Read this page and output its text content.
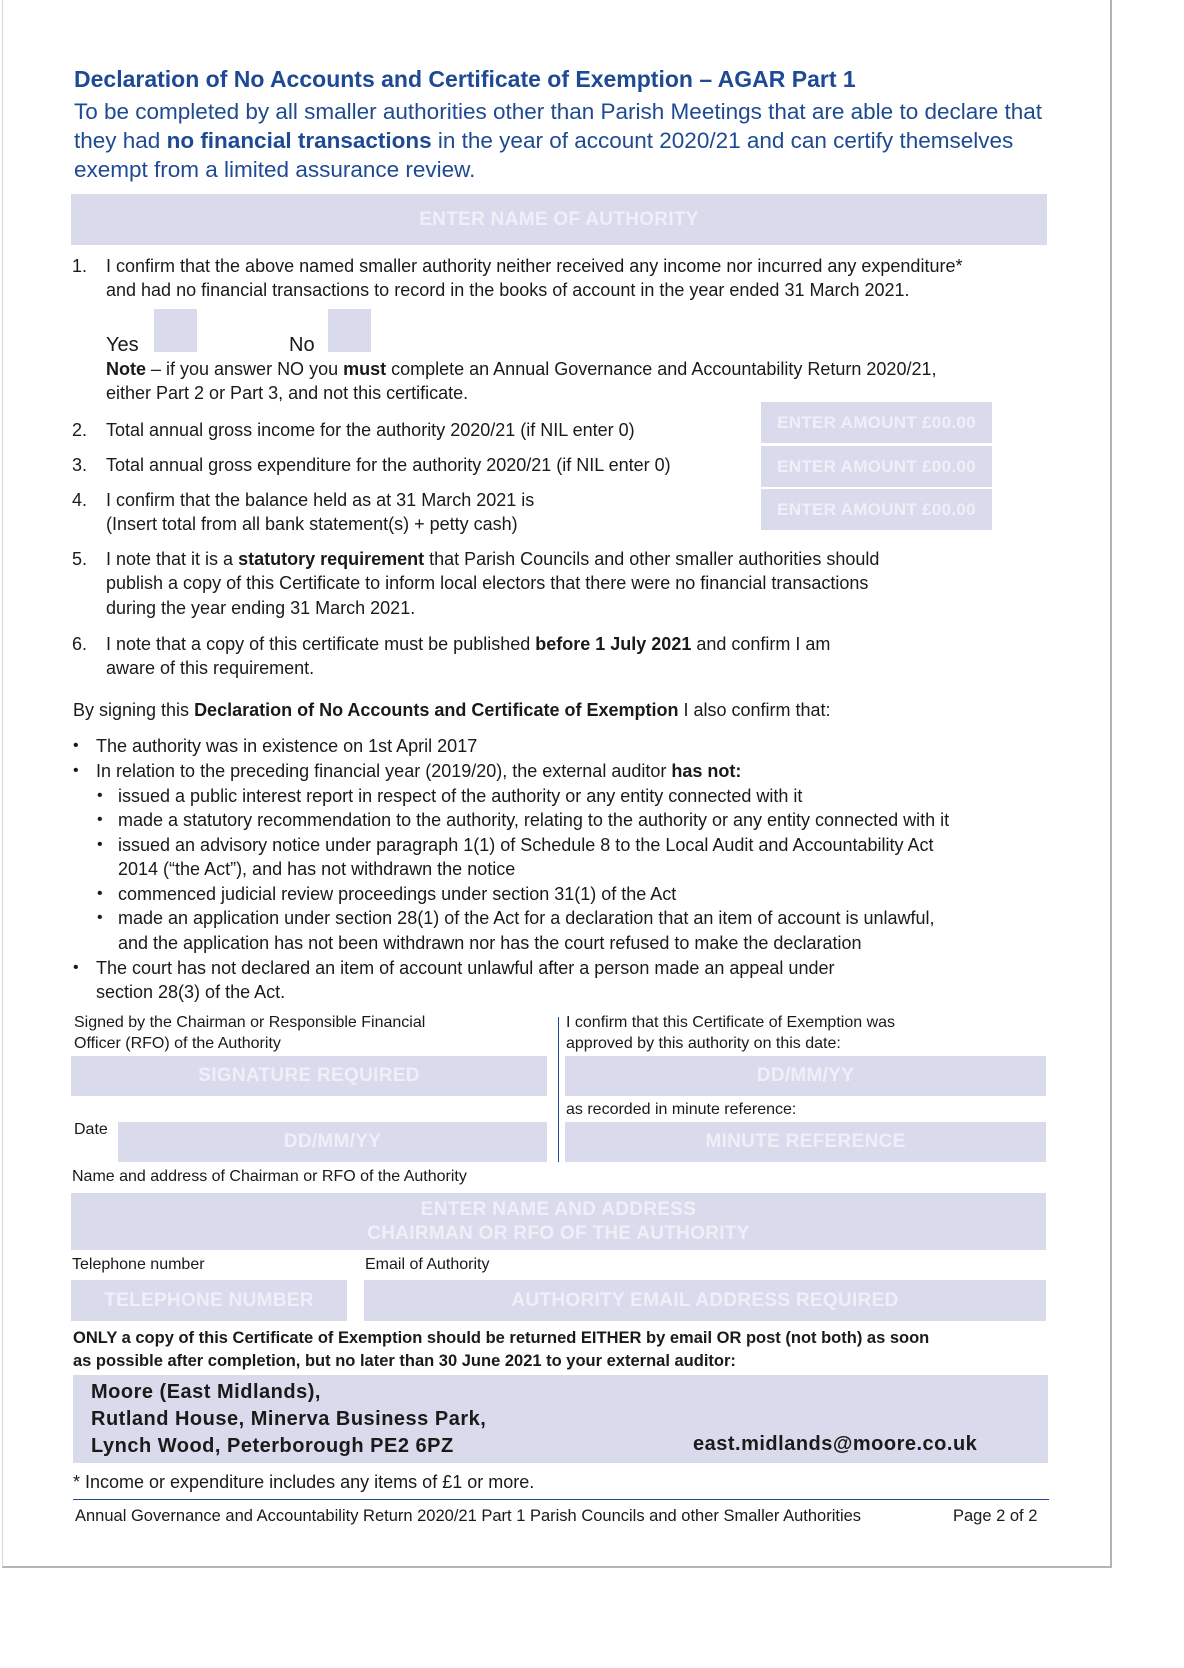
Declaration of No Accounts and Certificate of Exemption – AGAR Part 1
To be completed by all smaller authorities other than Parish Meetings that are able to declare that they had no financial transactions in the year of account 2020/21 and can certify themselves exempt from a limited assurance review.
ENTER NAME OF AUTHORITY
1. I confirm that the above named smaller authority neither received any income nor incurred any expenditure*
and had no financial transactions to record in the books of account in the year ended 31 March 2021.
Yes	No
Note – if you answer NO you must complete an Annual Governance and Accountability Return 2020/21,
either Part 2 or Part 3, and not this certificate.
2. Total annual gross income for the authority 2020/21 (if NIL enter 0)	ENTER AMOUNT £00.00
3. Total annual gross expenditure for the authority 2020/21 (if NIL enter 0)	ENTER AMOUNT £00.00
4. I confirm that the balance held as at 31 March 2021 is
(Insert total from all bank statement(s) + petty cash)
ENTER AMOUNT £00.00
5. I note that it is a statutory requirement that Parish Councils and other smaller authorities should
publish a copy of this Certificate to inform local electors that there were no financial transactions
during the year ending 31 March 2021.
6. I note that a copy of this certificate must be published before 1 July 2021 and confirm I am
aware of this requirement.
By signing this Declaration of No Accounts and Certificate of Exemption I also confirm that:
• The authority was in existence on 1st April 2017
• In relation to the preceding financial year (2019/20), the external auditor has not:
• issued a public interest report in respect of the authority or any entity connected with it
• made a statutory recommendation to the authority, relating to the authority or any entity connected with it
• issued an advisory notice under paragraph 1(1) of Schedule 8 to the Local Audit and Accountability Act
2014 (“the Act”), and has not withdrawn the notice
• commenced judicial review proceedings under section 31(1) of the Act
• made an application under section 28(1) of the Act for a declaration that an item of account is unlawful,
and the application has not been withdrawn nor has the court refused to make the declaration
• The court has not declared an item of account unlawful after a person made an appeal under
section 28(3) of the Act.
Signed by the Chairman or Responsible Financial
Officer (RFO) of the Authority
SIGNATURE REQUIRED
Date
DD/MM/YY
I confirm that this Certificate of Exemption was
approved by this authority on this date:
DD/MM/YY
as recorded in minute reference:
MINUTE REFERENCE
Name and address of Chairman or RFO of the Authority
ENTER NAME AND ADDRESS
CHAIRMAN OR RFO OF THE AUTHORITY
Telephone number
TELEPHONE NUMBER
Email of Authority
AUTHORITY EMAIL ADDRESS REQUIRED
ONLY a copy of this Certificate of Exemption should be returned EITHER by email OR post (not both) as soon
as possible after completion, but no later than 30 June 2021 to your external auditor:
Moore (East Midlands),
Rutland House, Minerva Business Park,
Lynch Wood, Peterborough PE2 6PZ	east.midlands@moore.co.uk
* Income or expenditure includes any items of £1 or more.
Annual Governance and Accountability Return 2020/21 Part 1 Parish Councils and other Smaller Authorities	Page 2 of 2
